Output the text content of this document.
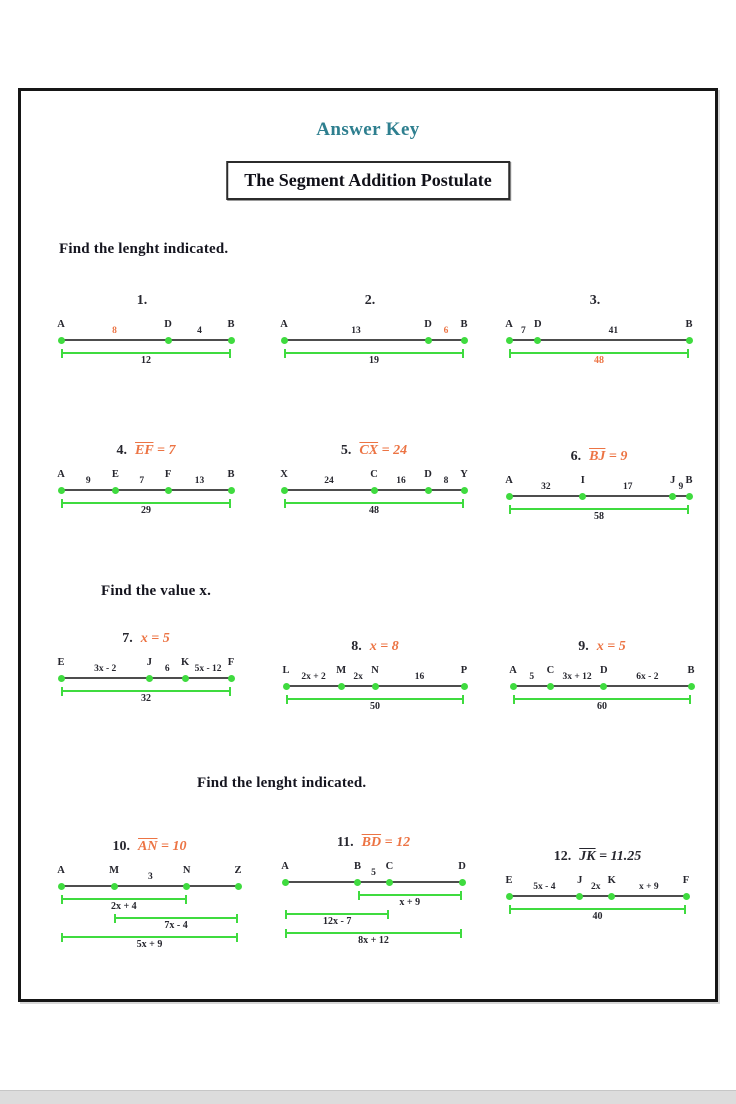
Answer Key
The Segment Addition Postulate
Find the lenght indicated.
Find the value x.
Find the lenght indicated.
1.
A	D	B
8	4
12
2.
A	D	B
13	6
19
3.
A D	B
7	41
48
4. $\overline{EF} = 7$
A	E	F	B
9	7	13
29
5. $\overline{CX} = 24$
X	C	D	Y
24	16	8
48
6. $\overline{BJ} = 9$
A	I	J B
32	17	9
58
7. x = 5
E	J	K	F
3x - 2	6	5x - 12
32
8. x = 8
L	M N	P
2x + 2	2x	16
50
9. x = 5
A	C	D	B
5	3x + 12	6x - 2
60
10. $\overline{AN} = 10$
A	M	N	Z
3
2x + 4
7x - 4
5x + 9
11. $\overline{BD} = 12$
A	B C	D
5
x + 9
12x - 7
8x + 12
12. $\overline{JK} = 11.25$
E	J K	F
5x - 4	2x	x + 9
40
